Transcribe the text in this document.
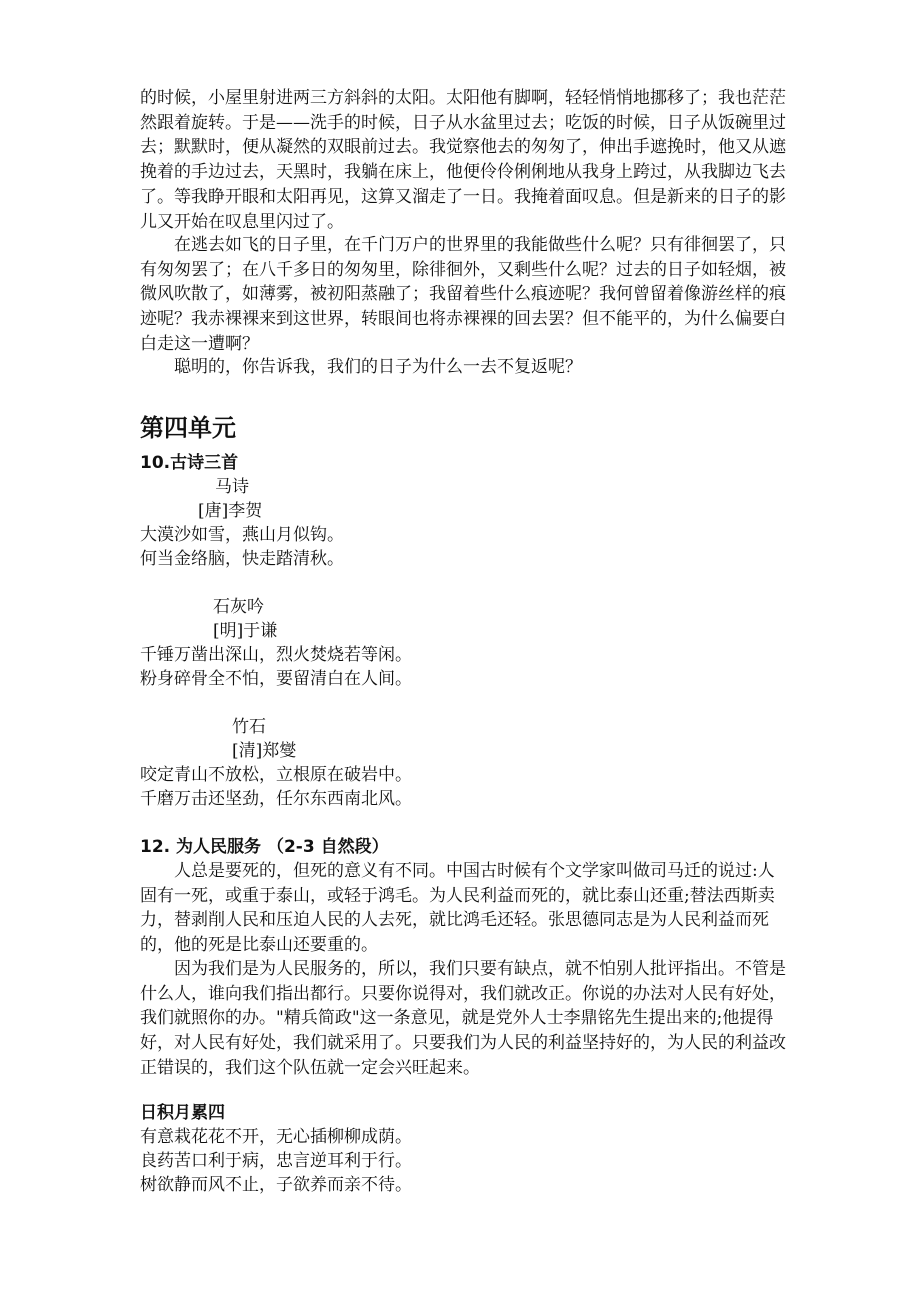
的时候，小屋里射进两三方斜斜的太阳。太阳他有脚啊，轻轻悄悄地挪移了；我也茫茫然跟着旋转。于是——洗手的时候，日子从水盆里过去；吃饭的时候，日子从饭碗里过去；默默时，便从凝然的双眼前过去。我觉察他去的匆匆了，伸出手遮挽时，他又从遮挽着的手边过去，天黑时，我躺在床上，他便伶伶俐俐地从我身上跨过，从我脚边飞去了。等我睁开眼和太阳再见，这算又溜走了一日。我掩着面叹息。但是新来的日子的影儿又开始在叹息里闪过了。

　　在逃去如飞的日子里，在千门万户的世界里的我能做些什么呢？只有徘徊罢了，只有匆匆罢了；在八千多日的匆匆里，除徘徊外，又剩些什么呢？过去的日子如轻烟，被微风吹散了，如薄雾，被初阳蒸融了；我留着些什么痕迹呢？我何曾留着像游丝样的痕迹呢？我赤裸裸来到这世界，转眼间也将赤裸裸的回去罢？但不能平的，为什么偏要白白走这一遭啊？

　　聪明的，你告诉我，我们的日子为什么一去不复返呢？

第四单元

10.古诗三首

马诗

[唐]李贺

大漠沙如雪，燕山月似钩。

何当金络脑，快走踏清秋。

石灰吟

[明]于谦

千锤万凿出深山，烈火焚烧若等闲。

粉身碎骨全不怕，要留清白在人间。

竹石

[清]郑燮

咬定青山不放松，立根原在破岩中。

千磨万击还坚劲，任尔东西南北风。

12. 为人民服务 （2-3 自然段）

　　人总是要死的，但死的意义有不同。中国古时候有个文学家叫做司马迁的说过:人固有一死，或重于泰山，或轻于鸿毛。为人民利益而死的，就比泰山还重;替法西斯卖力，替剥削人民和压迫人民的人去死，就比鸿毛还轻。张思德同志是为人民利益而死的，他的死是比泰山还要重的。

　　因为我们是为人民服务的，所以，我们只要有缺点，就不怕别人批评指出。不管是什么人，谁向我们指出都行。只要你说得对，我们就改正。你说的办法对人民有好处，我们就照你的办。"精兵简政"这一条意见，就是党外人士李鼎铭先生提出来的;他提得好，对人民有好处，我们就采用了。只要我们为人民的利益坚持好的，为人民的利益改正错误的，我们这个队伍就一定会兴旺起来。

日积月累四

有意栽花花不开，无心插柳柳成荫。

良药苦口利于病，忠言逆耳利于行。

树欲静而风不止，子欲养而亲不待。
